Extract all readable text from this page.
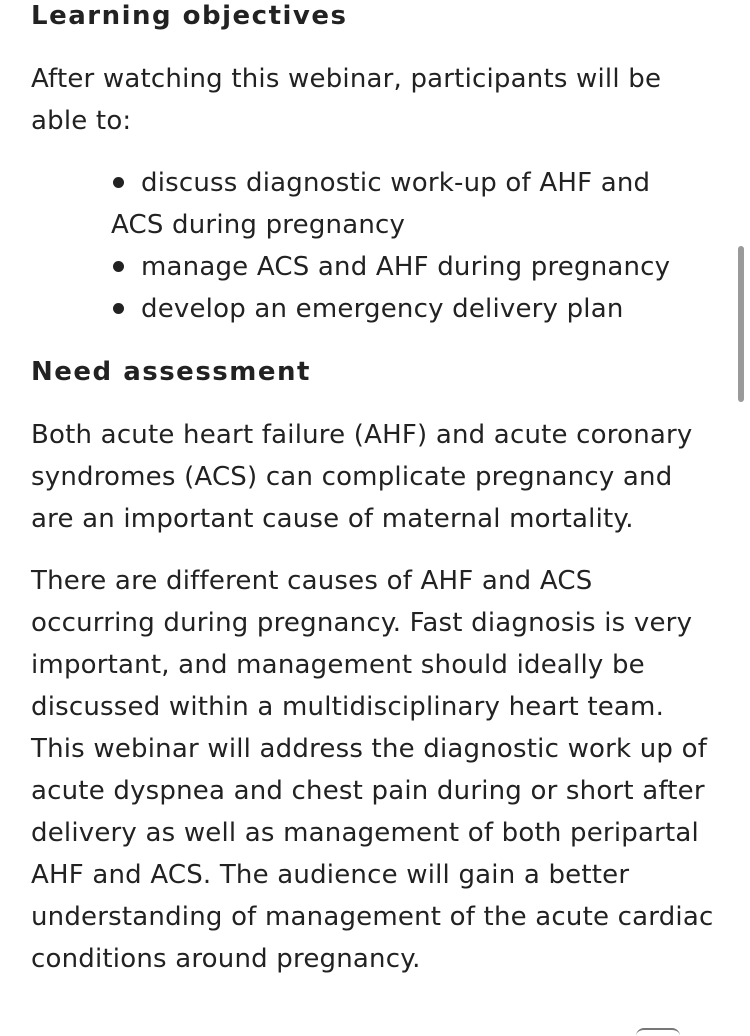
Learning objectives

After watching this webinar, participants will be able to:

discuss diagnostic work-up of AHF and
ACS during pregnancy
manage ACS and AHF during pregnancy
develop an emergency delivery plan
Need assessment

Both acute heart failure (AHF) and acute coronary syndromes (ACS) can complicate pregnancy and are an important cause of maternal mortality.

There are different causes of AHF and ACS occurring during pregnancy. Fast diagnosis is very important, and management should ideally be discussed within a multidisciplinary heart team. This webinar will address the diagnostic work up of acute dyspnea and chest pain during or short after delivery as well as management of both peripartal AHF and ACS. The audience will gain a better understanding of management of the acute cardiac conditions around pregnancy.
